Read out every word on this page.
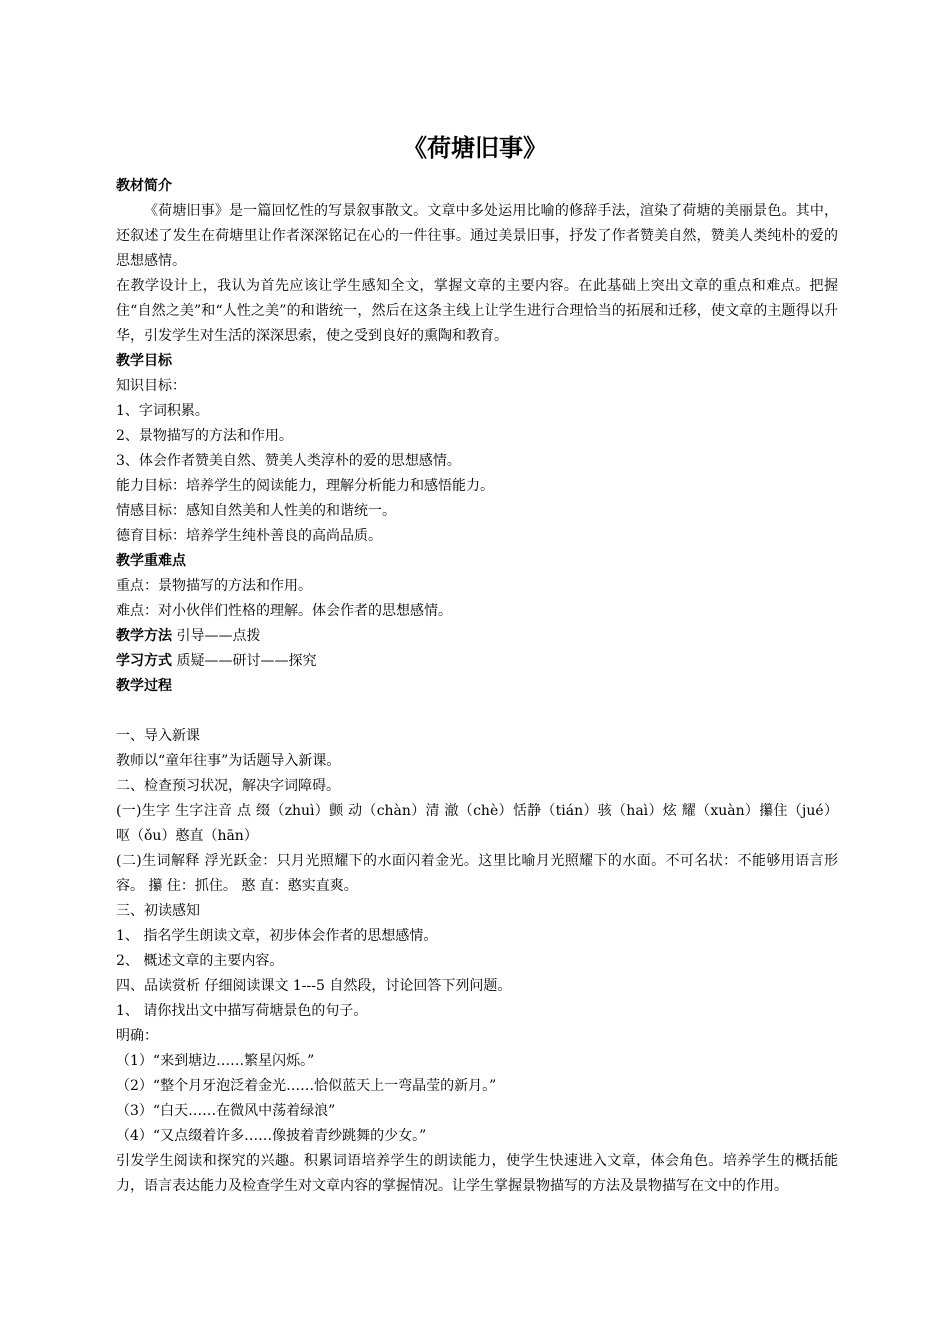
《荷塘旧事》

教材简介

《荷塘旧事》是一篇回忆性的写景叙事散文。文章中多处运用比喻的修辞手法，渲染了荷塘的美丽景色。其中，还叙述了发生在荷塘里让作者深深铭记在心的一件往事。通过美景旧事，抒发了作者赞美自然，赞美人类纯朴的爱的思想感情。

在教学设计上，我认为首先应该让学生感知全文，掌握文章的主要内容。在此基础上突出文章的重点和难点。把握住“自然之美”和“人性之美”的和谐统一，然后在这条主线上让学生进行合理恰当的拓展和迁移，使文章的主题得以升华，引发学生对生活的深深思索，使之受到良好的熏陶和教育。

教学目标

知识目标：

1、字词积累。

2、景物描写的方法和作用。

3、体会作者赞美自然、赞美人类淳朴的爱的思想感情。

能力目标：培养学生的阅读能力，理解分析能力和感悟能力。

情感目标：感知自然美和人性美的和谐统一。

德育目标：培养学生纯朴善良的高尚品质。

教学重难点

重点：景物描写的方法和作用。

难点：对小伙伴们性格的理解。体会作者的思想感情。

教学方法 引导——点拨

学习方式 质疑——研讨——探究

教学过程

一、导入新课

教师以“童年往事”为话题导入新课。

二、检查预习状况，解决字词障碍。

(一)生字 生字注音 点 缀（zhuì）颤 动（chàn）清 澈（chè）恬静（tián）骇（haì）炫 耀（xuàn）攥住（jué）呕（ǒu）憨直（hān）

(二)生词解释 浮光跃金：只月光照耀下的水面闪着金光。这里比喻月光照耀下的水面。不可名状：不能够用语言形容。 攥 住：抓住。 憨 直：憨实直爽。

三、初读感知

1、 指名学生朗读文章，初步体会作者的思想感情。

2、 概述文章的主要内容。

四、品读赏析 仔细阅读课文 1---5 自然段，讨论回答下列问题。

1、 请你找出文中描写荷塘景色的句子。

明确：

（1）“来到塘边……繁星闪烁。”

（2）“整个月牙泡泛着金光……恰似蓝天上一弯晶莹的新月。”

（3）“白天……在微风中荡着绿浪”

（4）“又点缀着许多……像披着青纱跳舞的少女。”

引发学生阅读和探究的兴趣。积累词语培养学生的朗读能力，使学生快速进入文章，体会角色。培养学生的概括能力，语言表达能力及检查学生对文章内容的掌握情况。让学生掌握景物描写的方法及景物描写在文中的作用。
